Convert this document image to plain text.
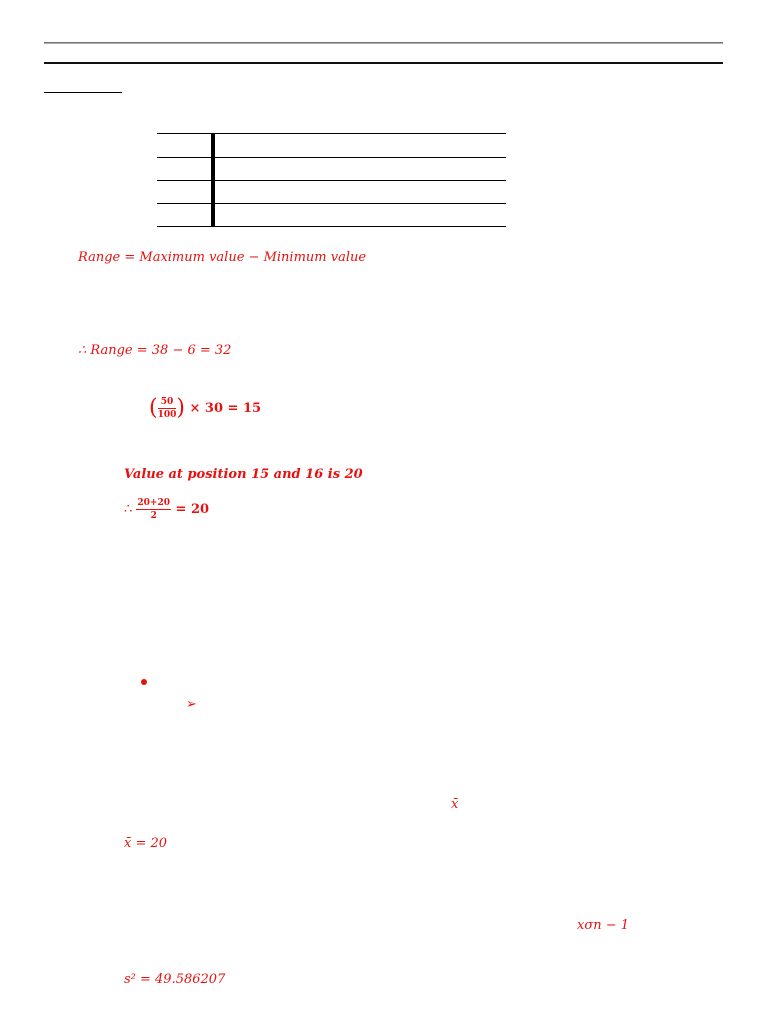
Range = Maximum value − Minimum value
∴ Range = 38 − 6 = 32
( $\frac{50}{100}$ ) × 30 = 15
Value at position 15 and 16 is 20
∴ $\frac{20+20}{2} = 20$
➢
x̄
x̄ = 20
xσn − 1
s² = 49.586207
